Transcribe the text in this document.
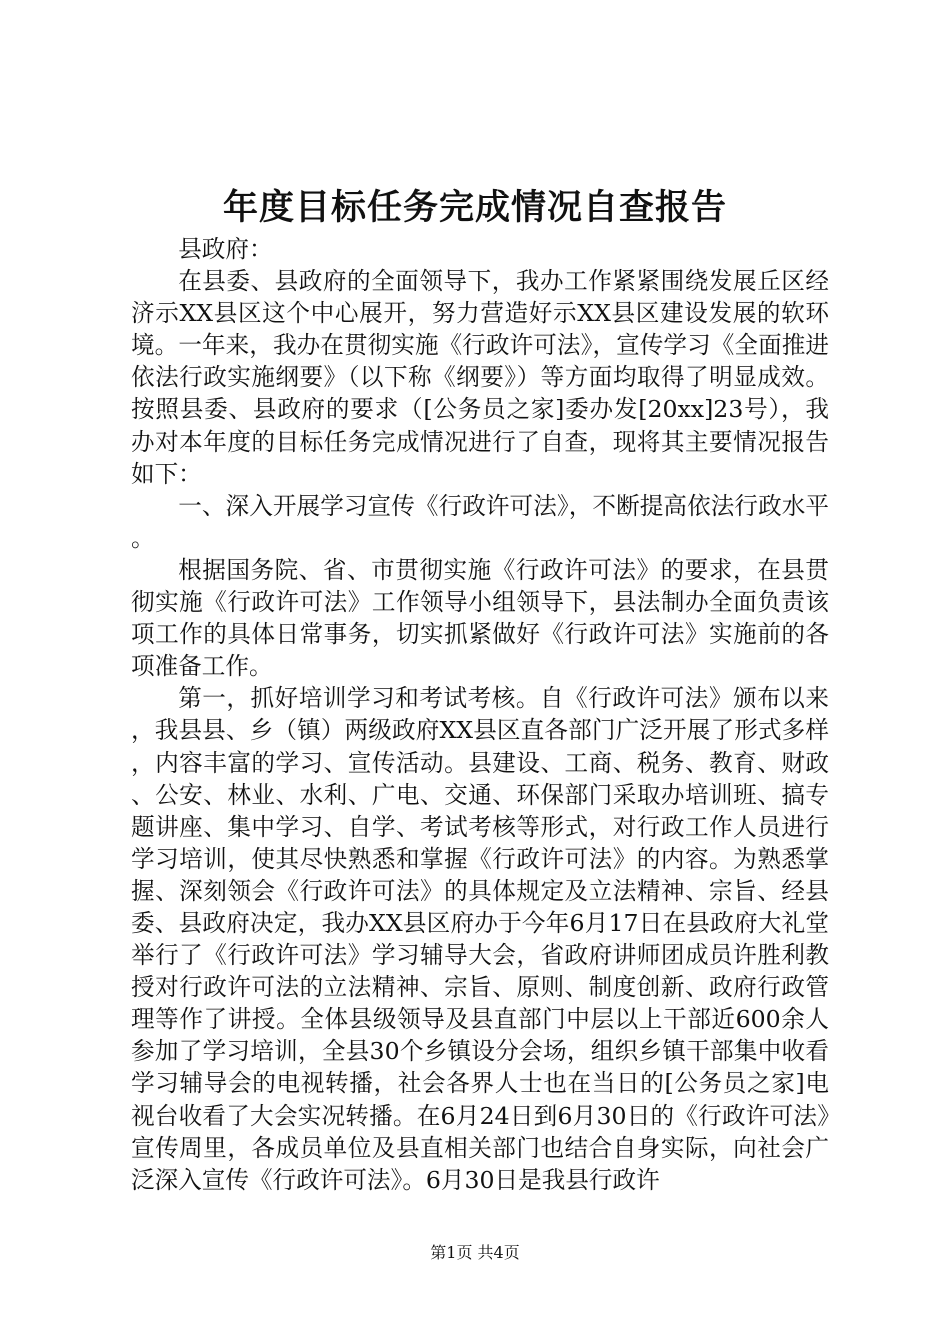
年度目标任务完成情况自查报告

县政府：

在县委、县政府的全面领导下，我办工作紧紧围绕发展丘区经济示XX县区这个中心展开，努力营造好示XX县区建设发展的软环境。一年来，我办在贯彻实施《行政许可法》，宣传学习《全面推进依法行政实施纲要》（以下称《纲要》）等方面均取得了明显成效。按照县委、县政府的要求（[公务员之家]委办发[20xx]23号），我办对本年度的目标任务完成情况进行了自查，现将其主要情况报告如下：

一、深入开展学习宣传《行政许可法》，不断提高依法行政水平。

根据国务院、省、市贯彻实施《行政许可法》的要求，在县贯彻实施《行政许可法》工作领导小组领导下，县法制办全面负责该项工作的具体日常事务，切实抓紧做好《行政许可法》实施前的各项准备工作。

第一，抓好培训学习和考试考核。自《行政许可法》颁布以来，我县县、乡（镇）两级政府XX县区直各部门广泛开展了形式多样，内容丰富的学习、宣传活动。县建设、工商、税务、教育、财政、公安、林业、水利、广电、交通、环保部门采取办培训班、搞专题讲座、集中学习、自学、考试考核等形式，对行政工作人员进行学习培训，使其尽快熟悉和掌握《行政许可法》的内容。为熟悉掌握、深刻领会《行政许可法》的具体规定及立法精神、宗旨、经县委、县政府决定，我办XX县区府办于今年6月17日在县政府大礼堂举行了《行政许可法》学习辅导大会，省政府讲师团成员许胜利教授对行政许可法的立法精神、宗旨、原则、制度创新、政府行政管理等作了讲授。全体县级领导及县直部门中层以上干部近600余人参加了学习培训，全县30个乡镇设分会场，组织乡镇干部集中收看学习辅导会的电视转播，社会各界人士也在当日的[公务员之家]电视台收看了大会实况转播。在6月24日到6月30日的《行政许可法》宣传周里，各成员单位及县直相关部门也结合自身实际，向社会广泛深入宣传《行政许可法》。6月30日是我县行政许

第1页 共4页
